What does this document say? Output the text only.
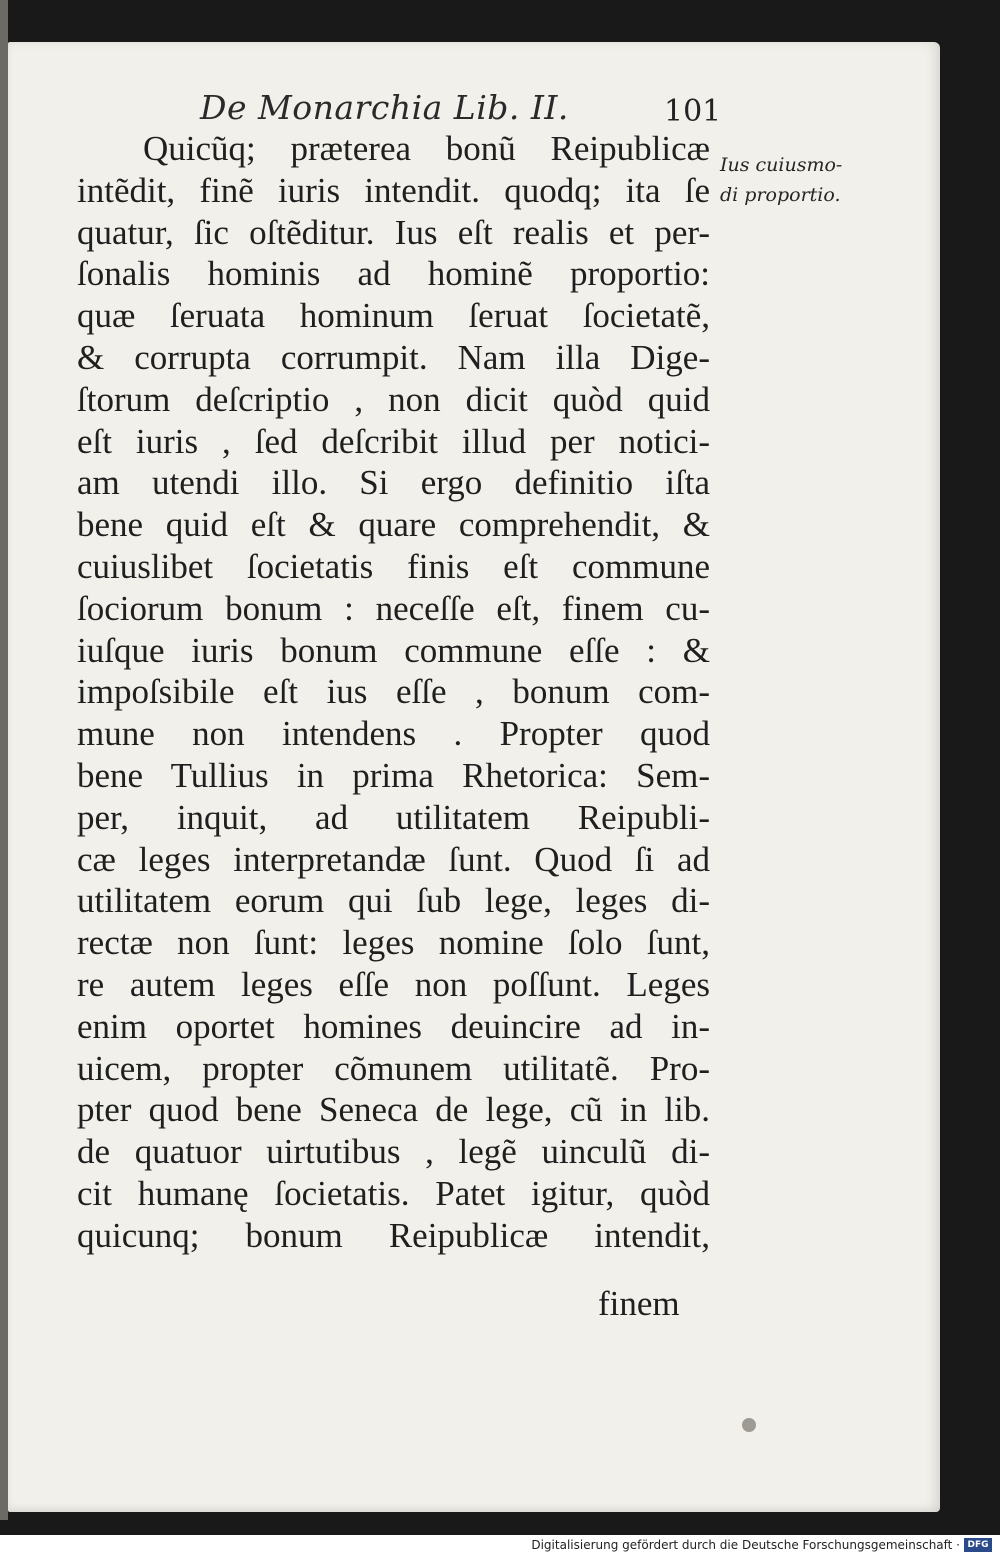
De Monarchia Lib. II.	101
Ius cuiusmo-
di proportio.
Quicũq; prӕterea bonũ Reipublicӕ
intẽdit, finẽ iuris intendit. quodq; ita ſe
quatur, ſic oſtẽditur. Ius eſt realis et per-
ſonalis hominis ad hominẽ proportio:
quӕ ſeruata hominum ſeruat ſocietatẽ,
& corrupta corrumpit. Nam illa Dige-
ſtorum deſcriptio , non dicit quòd quid
eſt iuris , ſed deſcribit illud per notici-
am utendi illo. Si ergo definitio iſta
bene quid eſt & quare comprehendit, &
cuiuslibet ſocietatis finis eſt commune
ſociorum bonum : neceſſe eſt, finem cu-
iuſque iuris bonum commune eſſe : &
impoſsibile eſt ius eſſe , bonum com-
mune non intendens . Propter quod
bene Tullius in prima Rhetorica: Sem-
per, inquit, ad utilitatem Reipubli-
cӕ leges interpretandӕ ſunt. Quod ſi ad
utilitatem eorum qui ſub lege, leges di-
rectӕ non ſunt: leges nomine ſolo ſunt,
re autem leges eſſe non poſſunt. Leges
enim oportet homines deuincire ad in-
uicem, propter cõmunem utilitatẽ. Pro-
pter quod bene Seneca de lege, cũ in lib.
de quatuor uirtutibus , legẽ uinculũ di-
cit humanę ſocietatis. Patet igitur, quòd
quicunq; bonum Reipublicӕ intendit,
finem
Digitalisierung gefördert durch die Deutsche Forschungsgemeinschaft · DFG
